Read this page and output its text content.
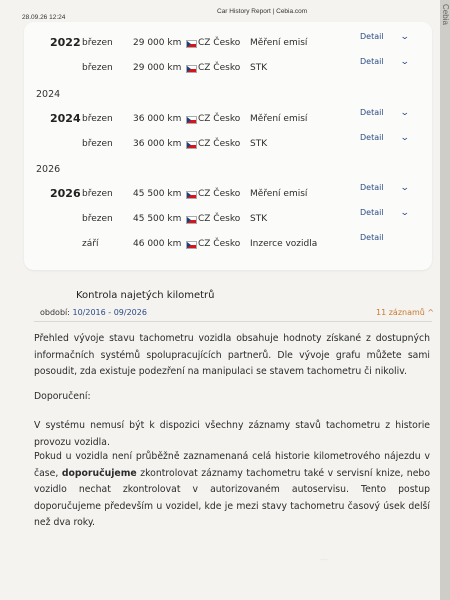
28.09.26 12:24
Car History Report | Cebia.com
2022 březen 29 000 km CZ Česko Měření emisí
Detail ⌄
březen 29 000 km CZ Česko STK
Detail ⌄
2024
2024 březen 36 000 km CZ Česko Měření emisí
Detail ⌄
březen 36 000 km CZ Česko STK
Detail ⌄
2026
2026 březen 45 500 km CZ Česko Měření emisí
Detail ⌄
březen 45 500 km CZ Česko STK
Detail ⌄
září	46 000 km CZ Česko Inzerce vozidla
Detail
Kontrola najetých kilometrů
období: 10/2016 - 09/2026	11 záznamů ^
Přehled vývoje stavu tachometru vozidla obsahuje hodnoty získané z dostupných informačních systémů spolupracujících partnerů. Dle vývoje grafu můžete sami posoudit, zda existuje podezření na manipulaci se stavem tachometru či nikoliv.
Doporučení:
V systému nemusí být k dispozici všechny záznamy stavů tachometru z historie provozu vozidla.
Pokud u vozidla není průběžně zaznamenaná celá historie kilometrového nájezdu v čase, doporučujeme zkontrolovat záznamy tachometru také v servisní knize, nebo vozidlo nechat zkontrolovat v autorizovaném autoservisu. Tento postup doporučujeme především u vozidel, kde je mezi stavy tachometru časový úsek delší než dva roky.
—
Cebia
